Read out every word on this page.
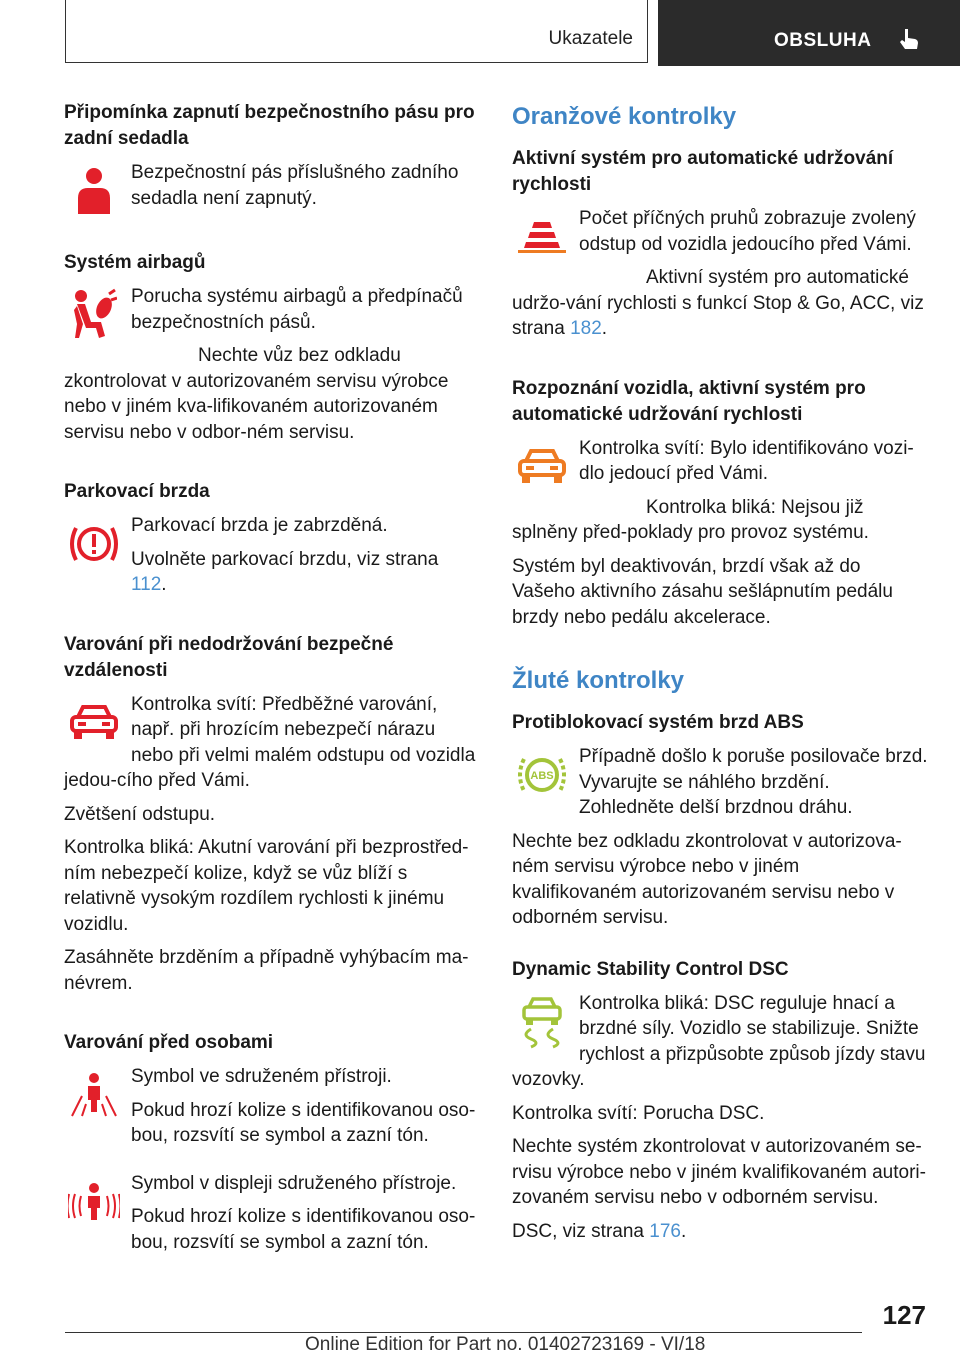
Ukazatele	OBSLUHA
Připomínka zapnutí bezpečnostního pásu pro zadní sedadla

Bezpečnostní pás příslušného zadního sedadla není zapnutý.

Systém airbagů

Porucha systému airbagů a předpínačů bezpečnostních pásů.

Nechte vůz bez odkladu zkontrolovat v autorizovaném servisu výrobce nebo v jiném kva-lifikovaném autorizovaném servisu nebo v odbor-ném servisu.

Parkovací brzda

Parkovací brzda je zabrzděná.

Uvolněte parkovací brzdu, viz strana 112.

Varování při nedodržování bezpečné vzdálenosti

Kontrolka svítí: Předběžné varování, např. při hrozícím nebezpečí nárazu nebo při velmi malém odstupu od vozidla jedou-cího před Vámi.

Zvětšení odstupu.

Kontrolka bliká: Akutní varování při bezprostřed-ním nebezpečí kolize, když se vůz blíží s relativně vysokým rozdílem rychlosti k jinému vozidlu.

Zasáhněte brzděním a případně vyhýbacím ma-névrem.

Varování před osobami

Symbol ve sdruženém přístroji.

Pokud hrozí kolize s identifikovanou oso-bou, rozsvítí se symbol a zazní tón.

Symbol v displeji sdruženého přístroje.

Pokud hrozí kolize s identifikovanou oso-bou, rozsvítí se symbol a zazní tón.

Oranžové kontrolky
Aktivní systém pro automatické udržování rychlosti

Počet příčných pruhů zobrazuje zvolený odstup od vozidla jedoucího před Vámi.

Aktivní systém pro automatické udržo-vání rychlosti s funkcí Stop & Go, ACC, viz strana 182.

Rozpoznání vozidla, aktivní systém pro automatické udržování rychlosti

Kontrolka svítí: Bylo identifikováno vozi-dlo jedoucí před Vámi.

Kontrolka bliká: Nejsou již splněny před-poklady pro provoz systému.

Systém byl deaktivován, brzdí však až do Vašeho aktivního zásahu sešlápnutím pedálu brzdy nebo pedálu akcelerace.

Žluté kontrolky
Protiblokovací systém brzd ABS
ABS

Případně došlo k poruše posilovače brzd. Vyvarujte se náhlého brzdění. Zohledněte delší brzdnou dráhu.

Nechte bez odkladu zkontrolovat v autorizova-ném servisu výrobce nebo v jiném kvalifikovaném autorizovaném servisu nebo v odborném servisu.

Dynamic Stability Control DSC

Kontrolka bliká: DSC reguluje hnací a brzdné síly. Vozidlo se stabilizuje. Snižte rychlost a přizpůsobte způsob jízdy stavu vozovky.

Kontrolka svítí: Porucha DSC.

Nechte systém zkontrolovat v autorizovaném se-rvisu výrobce nebo v jiném kvalifikovaném autori-zovaném servisu nebo v odborném servisu.

DSC, viz strana 176.

127
Online Edition for Part no. 01402723169 - VI/18
